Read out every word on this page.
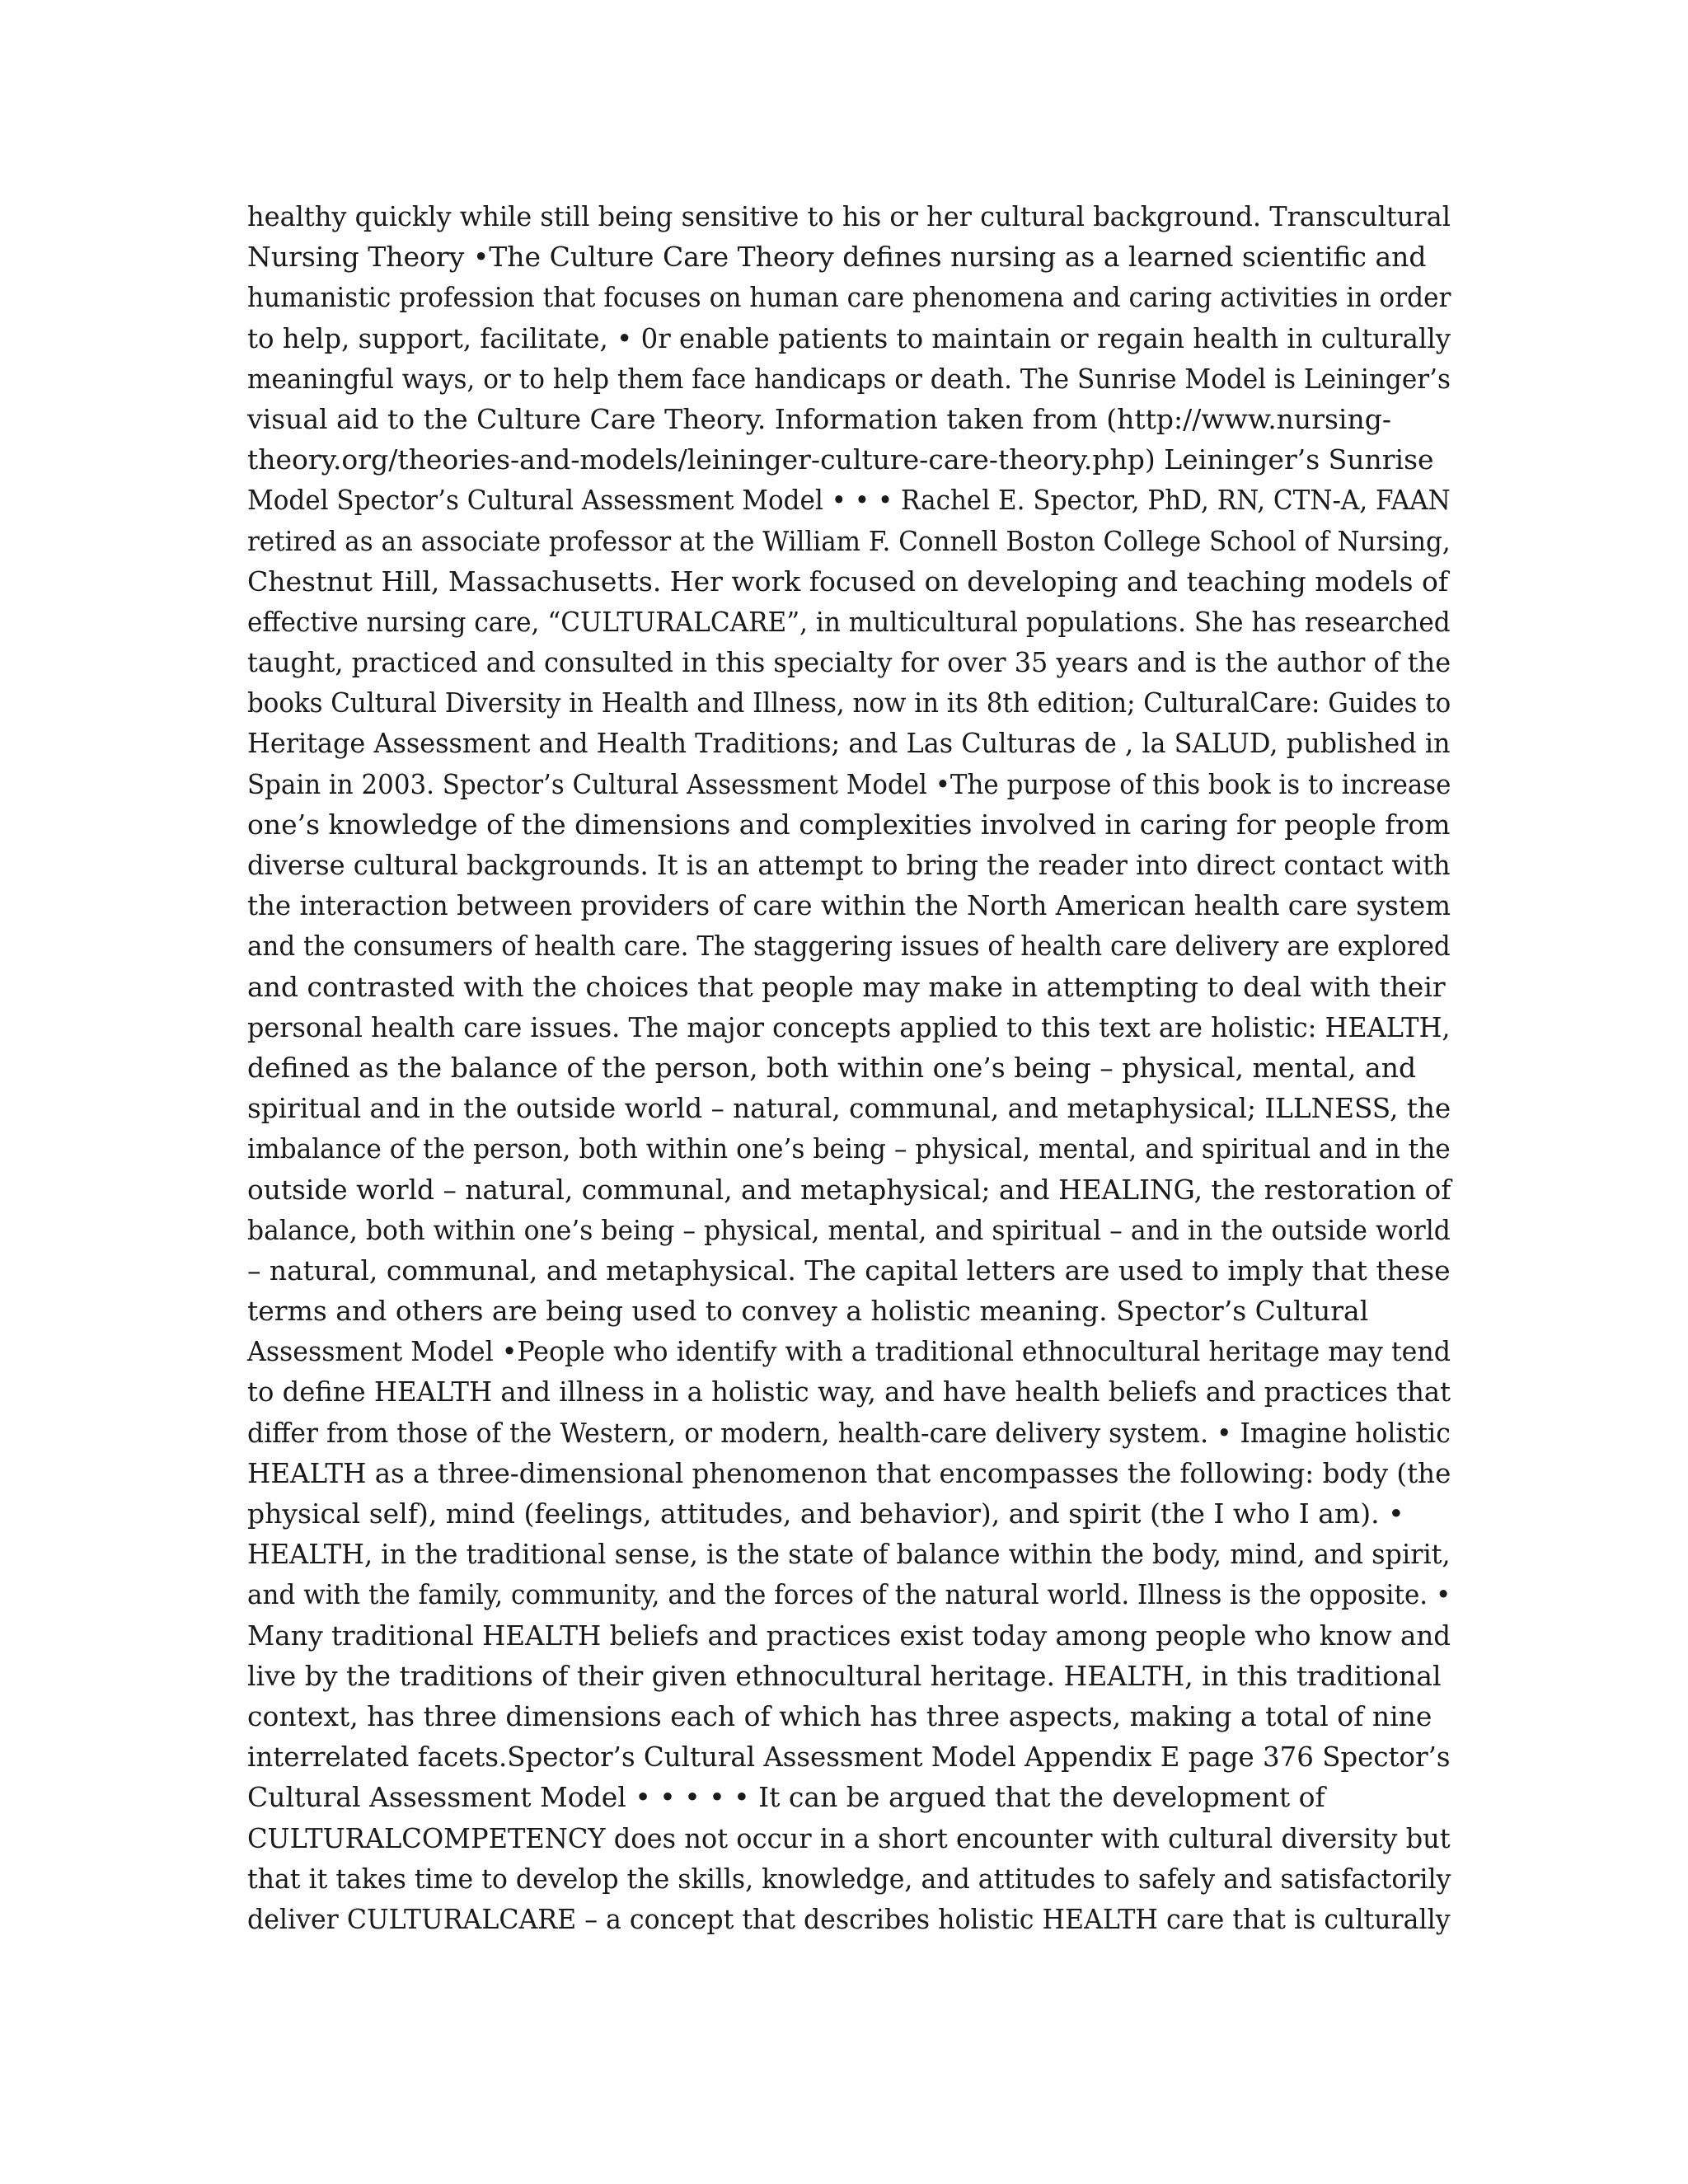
healthy quickly while still being sensitive to his or her cultural background. Transcultural
Nursing Theory •The Culture Care Theory defines nursing as a learned scientific and
humanistic profession that focuses on human care phenomena and caring activities in order
to help, support, facilitate, • 0r enable patients to maintain or regain health in culturally
meaningful ways, or to help them face handicaps or death. The Sunrise Model is Leininger’s
visual aid to the Culture Care Theory. Information taken from (http://www.nursing-
theory.org/theories-and-models/leininger-culture-care-theory.php) Leininger’s Sunrise
Model Spector’s Cultural Assessment Model • • • Rachel E. Spector, PhD, RN, CTN-A, FAAN
retired as an associate professor at the William F. Connell Boston College School of Nursing,
Chestnut Hill, Massachusetts. Her work focused on developing and teaching models of
effective nursing care, “CULTURALCARE”, in multicultural populations. She has researched
taught, practiced and consulted in this specialty for over 35 years and is the author of the
books Cultural Diversity in Health and Illness, now in its 8th edition; CulturalCare: Guides to
Heritage Assessment and Health Traditions; and Las Culturas de , la SALUD, published in
Spain in 2003. Spector’s Cultural Assessment Model •The purpose of this book is to increase
one’s knowledge of the dimensions and complexities involved in caring for people from
diverse cultural backgrounds. It is an attempt to bring the reader into direct contact with
the interaction between providers of care within the North American health care system
and the consumers of health care. The staggering issues of health care delivery are explored
and contrasted with the choices that people may make in attempting to deal with their
personal health care issues. The major concepts applied to this text are holistic: HEALTH,
defined as the balance of the person, both within one’s being – physical, mental, and
spiritual and in the outside world – natural, communal, and metaphysical; ILLNESS, the
imbalance of the person, both within one’s being – physical, mental, and spiritual and in the
outside world – natural, communal, and metaphysical; and HEALING, the restoration of
balance, both within one’s being – physical, mental, and spiritual – and in the outside world
– natural, communal, and metaphysical. The capital letters are used to imply that these
terms and others are being used to convey a holistic meaning. Spector’s Cultural
Assessment Model •People who identify with a traditional ethnocultural heritage may tend
to define HEALTH and illness in a holistic way, and have health beliefs and practices that
differ from those of the Western, or modern, health-care delivery system. • Imagine holistic
HEALTH as a three-dimensional phenomenon that encompasses the following: body (the
physical self), mind (feelings, attitudes, and behavior), and spirit (the I who I am). •
HEALTH, in the traditional sense, is the state of balance within the body, mind, and spirit,
and with the family, community, and the forces of the natural world. Illness is the opposite. •
Many traditional HEALTH beliefs and practices exist today among people who know and
live by the traditions of their given ethnocultural heritage. HEALTH, in this traditional
context, has three dimensions each of which has three aspects, making a total of nine
interrelated facets.Spector’s Cultural Assessment Model Appendix E page 376 Spector’s
Cultural Assessment Model • • • • • It can be argued that the development of
CULTURALCOMPETENCY does not occur in a short encounter with cultural diversity but
that it takes time to develop the skills, knowledge, and attitudes to safely and satisfactorily
deliver CULTURALCARE – a concept that describes holistic HEALTH care that is culturally
